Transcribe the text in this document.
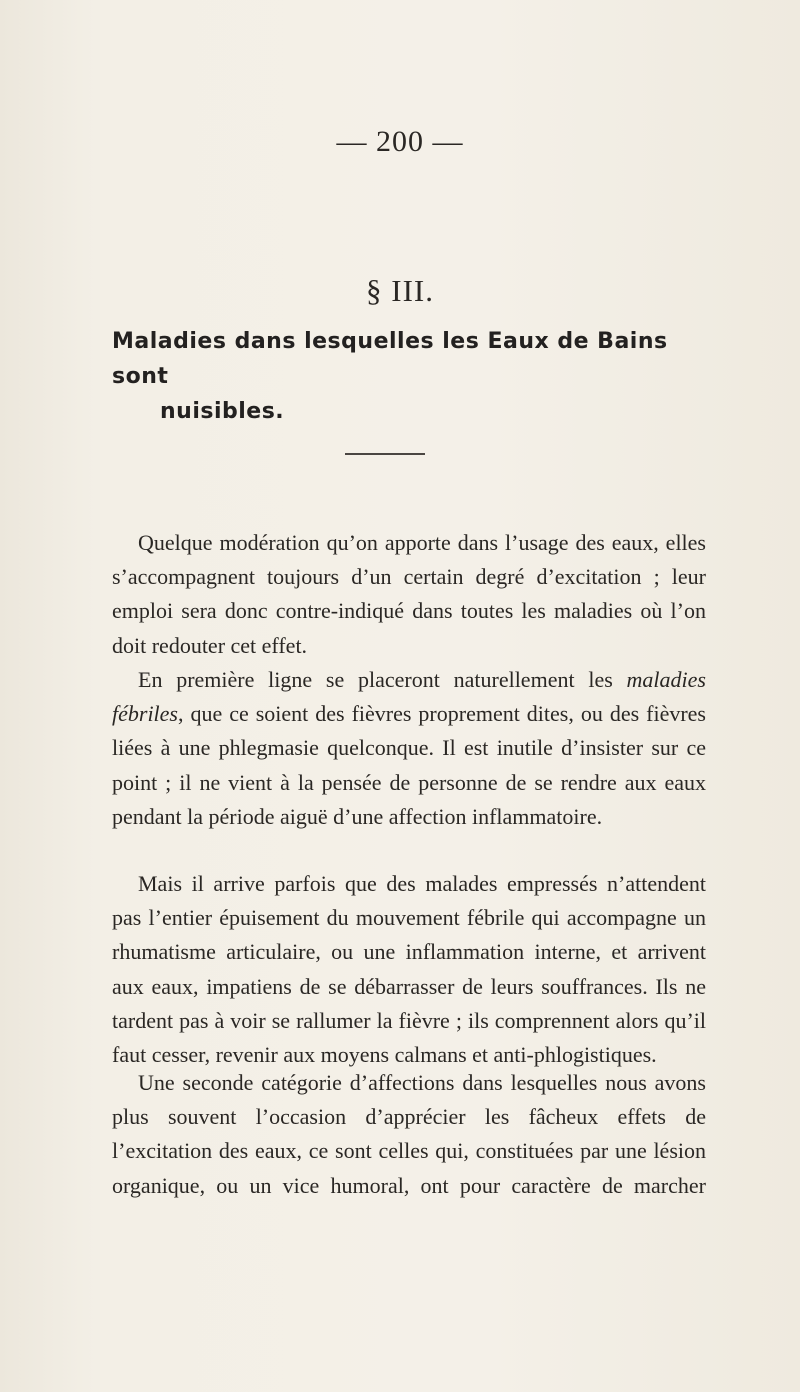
— 200 —
§ III.
Maladies dans lesquelles les Eaux de Bains sont
nuisibles.

Quelque modération qu’on apporte dans l’usage des eaux, elles s’accompagnent toujours d’un certain degré d’excitation ; leur emploi sera donc contre-indiqué dans toutes les maladies où l’on doit redouter cet effet.

En première ligne se placeront naturellement les maladies fébriles, que ce soient des fièvres proprement dites, ou des fièvres liées à une phlegmasie quelconque. Il est inutile d’insister sur ce point ; il ne vient à la pensée de personne de se rendre aux eaux pendant la période aiguë d’une affection inflammatoire.

Mais il arrive parfois que des malades empressés n’attendent pas l’entier épuisement du mouvement fébrile qui accompagne un rhumatisme articulaire, ou une inflammation interne, et arrivent aux eaux, impatiens de se débarrasser de leurs souffrances. Ils ne tardent pas à voir se rallumer la fièvre ; ils comprennent alors qu’il faut cesser, revenir aux moyens calmans et anti-phlogistiques.

Une seconde catégorie d’affections dans lesquelles nous avons plus souvent l’occasion d’apprécier les fâcheux effets de l’excitation des eaux, ce sont celles qui, constituées par une lésion organique, ou un vice humoral, ont pour caractère de marcher
